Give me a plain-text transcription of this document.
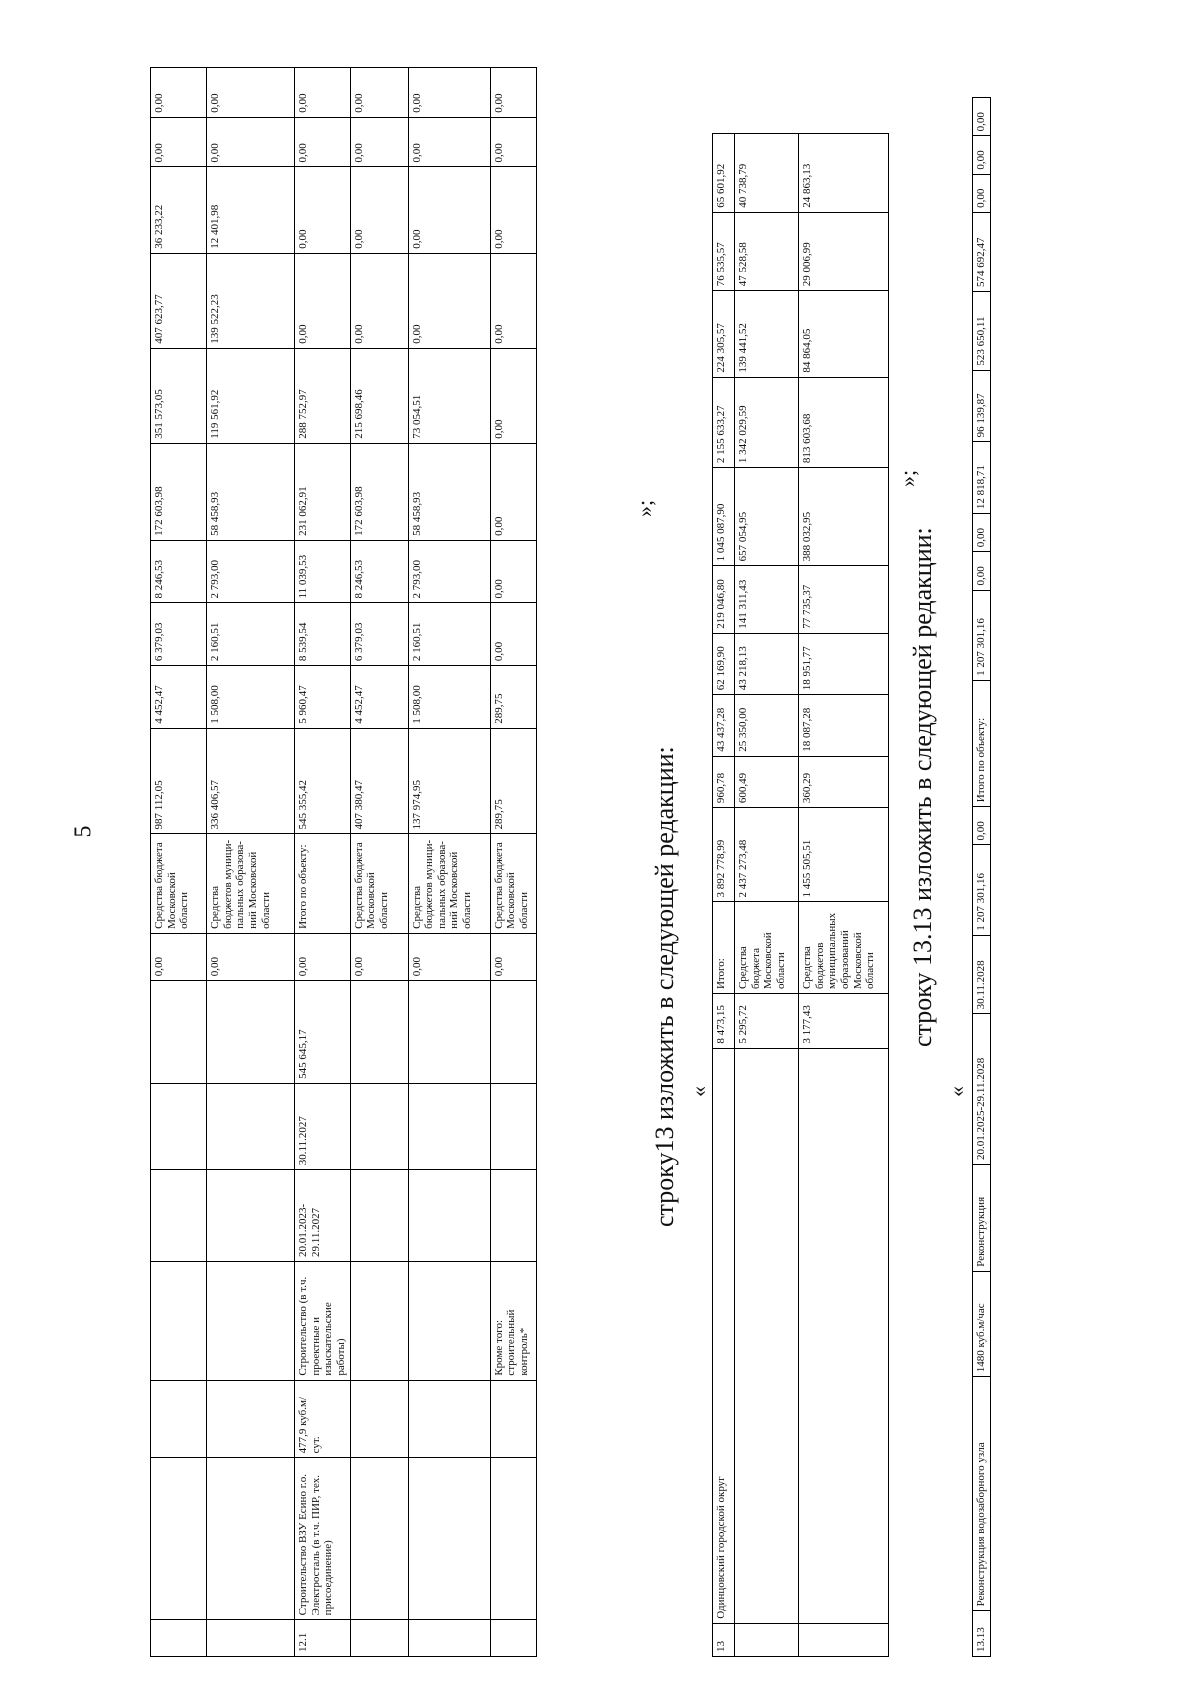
5
							0,00	Средства бюджета Московской области	987 112,05	4 452,47	6 379,03	8 246,53	172 603,98	351 573,05	407 623,77	36 233,22	0,00	0,00
							0,00	Средства бюджетов муници-пальных образова-ний Московской области	336 406,57	1 508,00	2 160,51	2 793,00	58 458,93	119 561,92	139 522,23	12 401,98	0,00	0,00
12.1	Строительство ВЗУ Есино г.о. Электросталь (в т.ч. ПИР, тех. присоединение)	477,9 куб.м/сут.	Строительство (в т.ч. проектные и изыскательские работы)	20.01.2023-29.11.2027	30.11.2027	545 645,17	0,00	Итого по объекту:	545 355,42	5 960,47	8 539,54	11 039,53	231 062,91	288 752,97	0,00	0,00	0,00	0,00
							0,00	Средства бюджета Московской области	407 380,47	4 452,47	6 379,03	8 246,53	172 603,98	215 698,46	0,00	0,00	0,00	0,00
							0,00	Средства бюджетов муници-пальных образова-ний Московской области	137 974,95	1 508,00	2 160,51	2 793,00	58 458,93	73 054,51	0,00	0,00	0,00	0,00
			Кроме того: строительный контроль*				0,00	Средства бюджета Московской области	289,75	289,75	0,00	0,00	0,00	0,00	0,00	0,00	0,00	0,00
»;
строку13 изложить в следующей редакции: «
13	Одинцовский городской округ	8 473,15	Итого:	3 892 778,99	960,78	43 437,28	62 169,90	219 046,80	1 045 087,90	2 155 633,27	224 305,57	76 535,57	65 601,92
		5 295,72	Средства бюджета Московской области	2 437 273,48	600,49	25 350,00	43 218,13	141 311,43	657 054,95	1 342 029,59	139 441,52	47 528,58	40 738,79
		3 177,43	Средства бюджетов муниципальных образований Московской области	1 455 505,51	360,29	18 087,28	18 951,77	77 735,37	388 032,95	813 603,68	84 864,05	29 006,99	24 863,13
»;
строку 13.13 изложить в следующей редакции:
«
13.13	Реконструкция водозаборного узла	1480 куб.м/час	Реконструкция	20.01.2025-29.11.2028	30.11.2028	1 207 301,16	0,00	Итого по объекту:	1 207 301,16	0,00	0,00	12 818,71	96 139,87	523 650,11	574 692,47	0,00	0,00	0,00
